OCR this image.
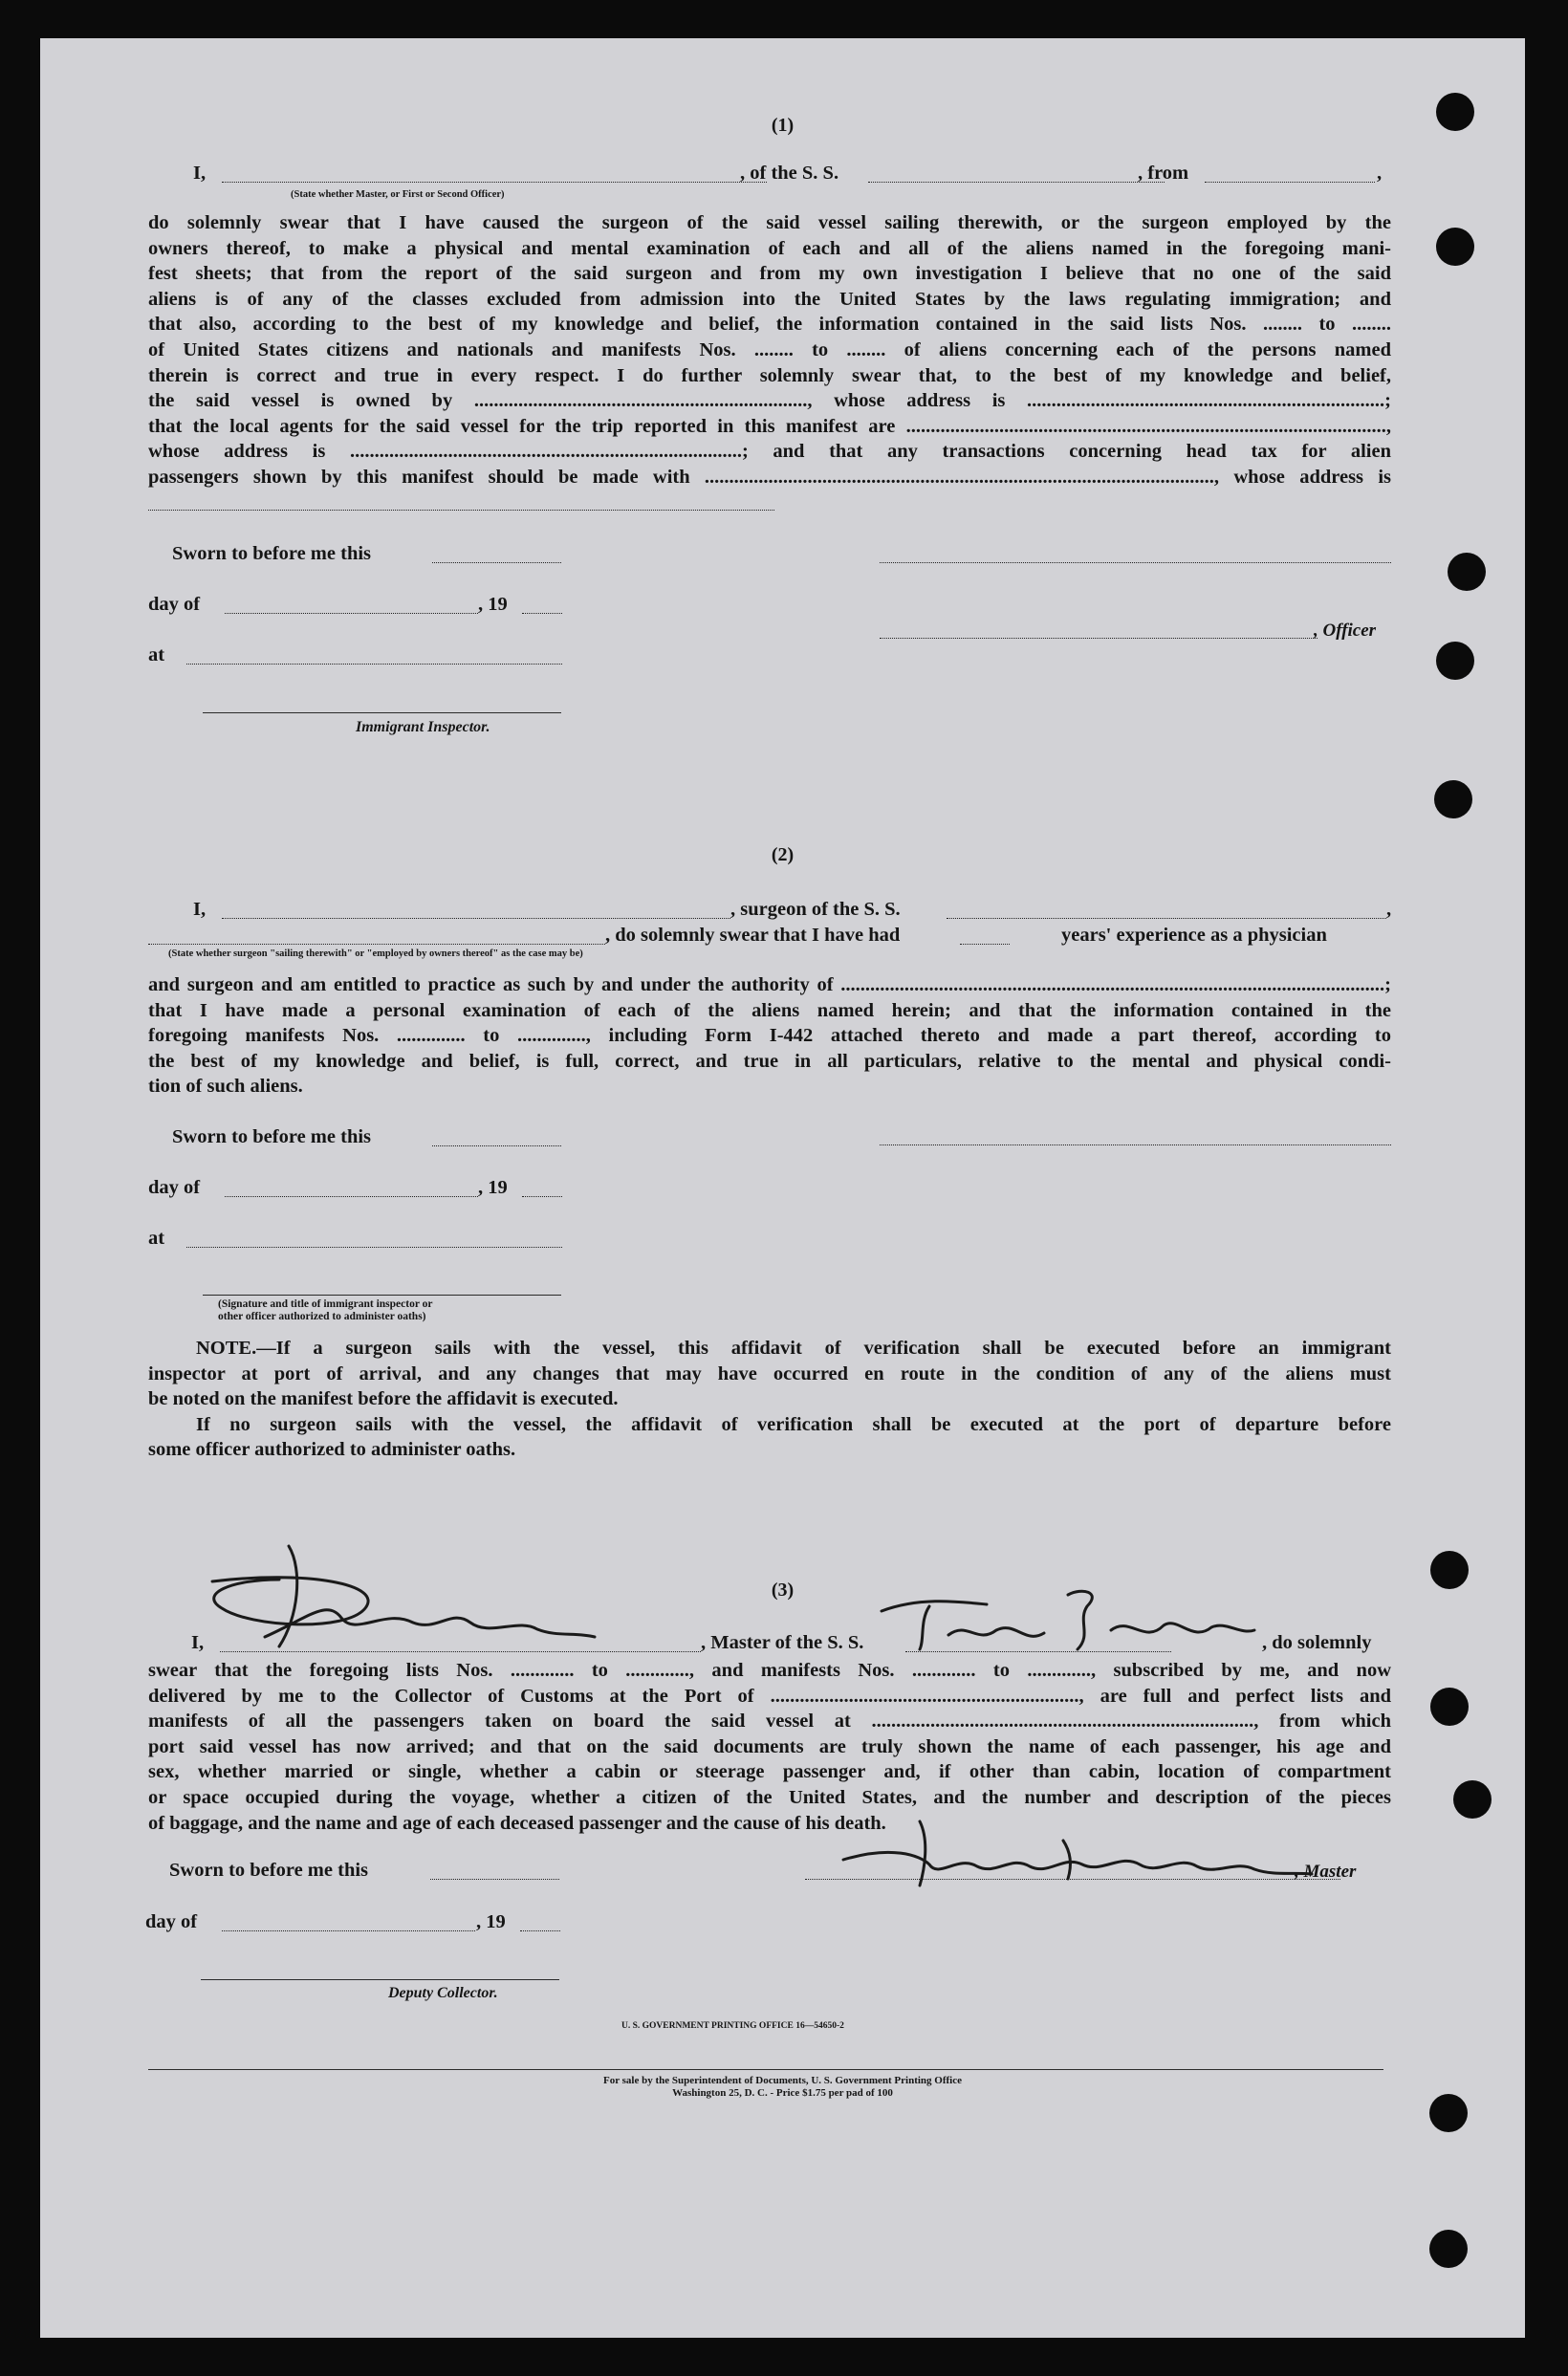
(1)
I,	, of the S. S.	, from	,
(State whether Master, or First or Second Officer)
do solemnly swear that I have caused the surgeon of the said vessel sailing therewith, or the surgeon employed by the
owners thereof, to make a physical and mental examination of each and all of the aliens named in the foregoing mani-
fest sheets; that from the report of the said surgeon and from my own investigation I believe that no one of the said
aliens is of any of the classes excluded from admission into the United States by the laws regulating immigration; and
that also, according to the best of my knowledge and belief, the information contained in the said lists Nos. ........ to ........
of United States citizens and nationals and manifests Nos. ........ to ........ of aliens concerning each of the persons named
therein is correct and true in every respect. I do further solemnly swear that, to the best of my knowledge and belief,
the said vessel is owned by ...................................................................., whose address is .........................................................................;
that the local agents for the said vessel for the trip reported in this manifest are ..................................................................................................,
whose address is ................................................................................; and that any transactions concerning head tax for alien
passengers shown by this manifest should be made with ........................................................................................................, whose address is
Sworn to before me this
day of	, 19
, Officer
at
Immigrant Inspector.
(2)
I,	, surgeon of the S. S.	,
, do solemnly swear that I have had	years' experience as a physician
(State whether surgeon "sailing therewith" or "employed by owners thereof" as the case may be)
and surgeon and am entitled to practice as such by and under the authority of ...............................................................................................................;
that I have made a personal examination of each of the aliens named herein; and that the information contained in the
foregoing manifests Nos. .............. to .............., including Form I-442 attached thereto and made a part thereof, according to
the best of my knowledge and belief, is full, correct, and true in all particulars, relative to the mental and physical condi-
tion of such aliens.
Sworn to before me this
day of	, 19
at
(Signature and title of immigrant inspector or
other officer authorized to administer oaths)
NOTE.—If a surgeon sails with the vessel, this affidavit of verification shall be executed before an immigrant
inspector at port of arrival, and any changes that may have occurred en route in the condition of any of the aliens must
be noted on the manifest before the affidavit is executed.
If no surgeon sails with the vessel, the affidavit of verification shall be executed at the port of departure before
some officer authorized to administer oaths.
(3)
I,	, Master of the S. S.	, do solemnly
swear that the foregoing lists Nos. ............. to ............., and manifests Nos. ............. to ............., subscribed by me, and now
delivered by me to the Collector of Customs at the Port of ..............................................................., are full and perfect lists and
manifests of all the passengers taken on board the said vessel at .............................................................................., from which
port said vessel has now arrived; and that on the said documents are truly shown the name of each passenger, his age and
sex, whether married or single, whether a cabin or steerage passenger and, if other than cabin, location of compartment
or space occupied during the voyage, whether a citizen of the United States, and the number and description of the pieces
of baggage, and the name and age of each deceased passenger and the cause of his death.
Sworn to before me this	, Master
day of	, 19
Deputy Collector.
U. S. GOVERNMENT PRINTING OFFICE 16—54650-2
For sale by the Superintendent of Documents, U. S. Government Printing Office
Washington 25, D. C. - Price $1.75 per pad of 100
